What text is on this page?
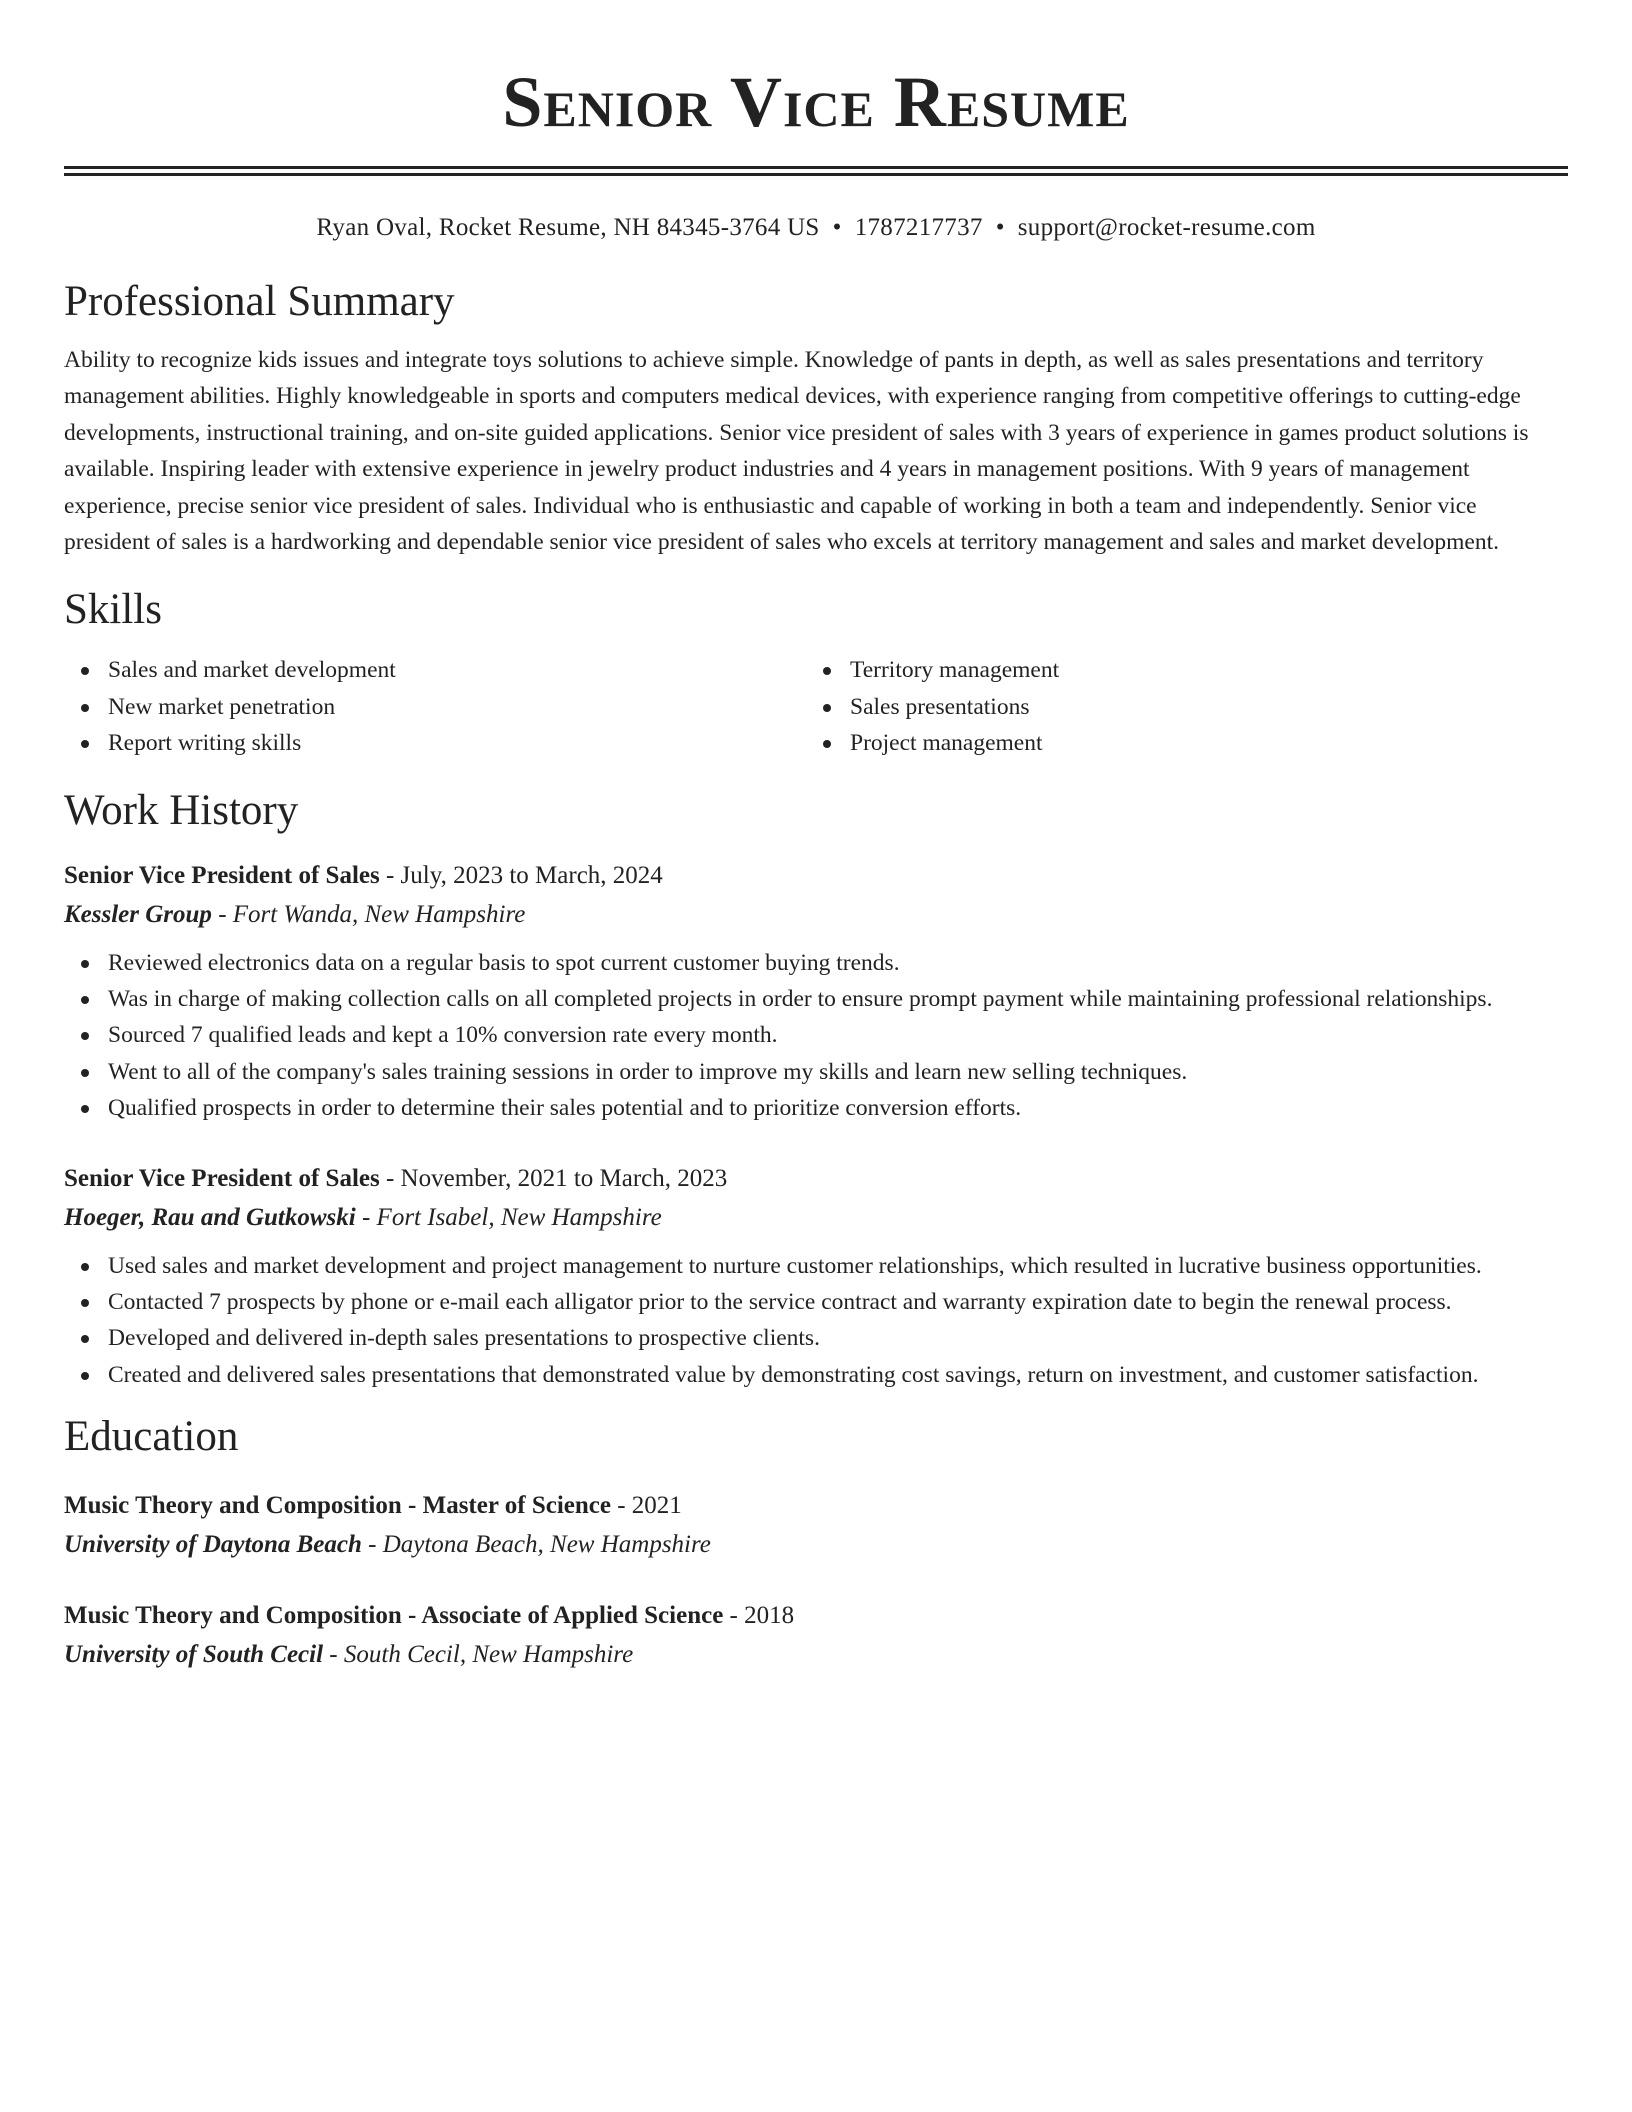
Senior Vice Resume
Ryan Oval, Rocket Resume, NH 84345-3764 US • 1787217737 • support@rocket-resume.com
Professional Summary
Ability to recognize kids issues and integrate toys solutions to achieve simple. Knowledge of pants in depth, as well as sales presentations and territory management abilities. Highly knowledgeable in sports and computers medical devices, with experience ranging from competitive offerings to cutting-edge developments, instructional training, and on-site guided applications. Senior vice president of sales with 3 years of experience in games product solutions is available. Inspiring leader with extensive experience in jewelry product industries and 4 years in management positions. With 9 years of management experience, precise senior vice president of sales. Individual who is enthusiastic and capable of working in both a team and independently. Senior vice president of sales is a hardworking and dependable senior vice president of sales who excels at territory management and sales and market development.
Skills
Sales and market development
New market penetration
Report writing skills
Territory management
Sales presentations
Project management
Work History
Senior Vice President of Sales - July, 2023 to March, 2024
Kessler Group - Fort Wanda, New Hampshire
Reviewed electronics data on a regular basis to spot current customer buying trends.
Was in charge of making collection calls on all completed projects in order to ensure prompt payment while maintaining professional relationships.
Sourced 7 qualified leads and kept a 10% conversion rate every month.
Went to all of the company's sales training sessions in order to improve my skills and learn new selling techniques.
Qualified prospects in order to determine their sales potential and to prioritize conversion efforts.
Senior Vice President of Sales - November, 2021 to March, 2023
Hoeger, Rau and Gutkowski - Fort Isabel, New Hampshire
Used sales and market development and project management to nurture customer relationships, which resulted in lucrative business opportunities.
Contacted 7 prospects by phone or e-mail each alligator prior to the service contract and warranty expiration date to begin the renewal process.
Developed and delivered in-depth sales presentations to prospective clients.
Created and delivered sales presentations that demonstrated value by demonstrating cost savings, return on investment, and customer satisfaction.
Education
Music Theory and Composition - Master of Science - 2021
University of Daytona Beach - Daytona Beach, New Hampshire
Music Theory and Composition - Associate of Applied Science - 2018
University of South Cecil - South Cecil, New Hampshire
